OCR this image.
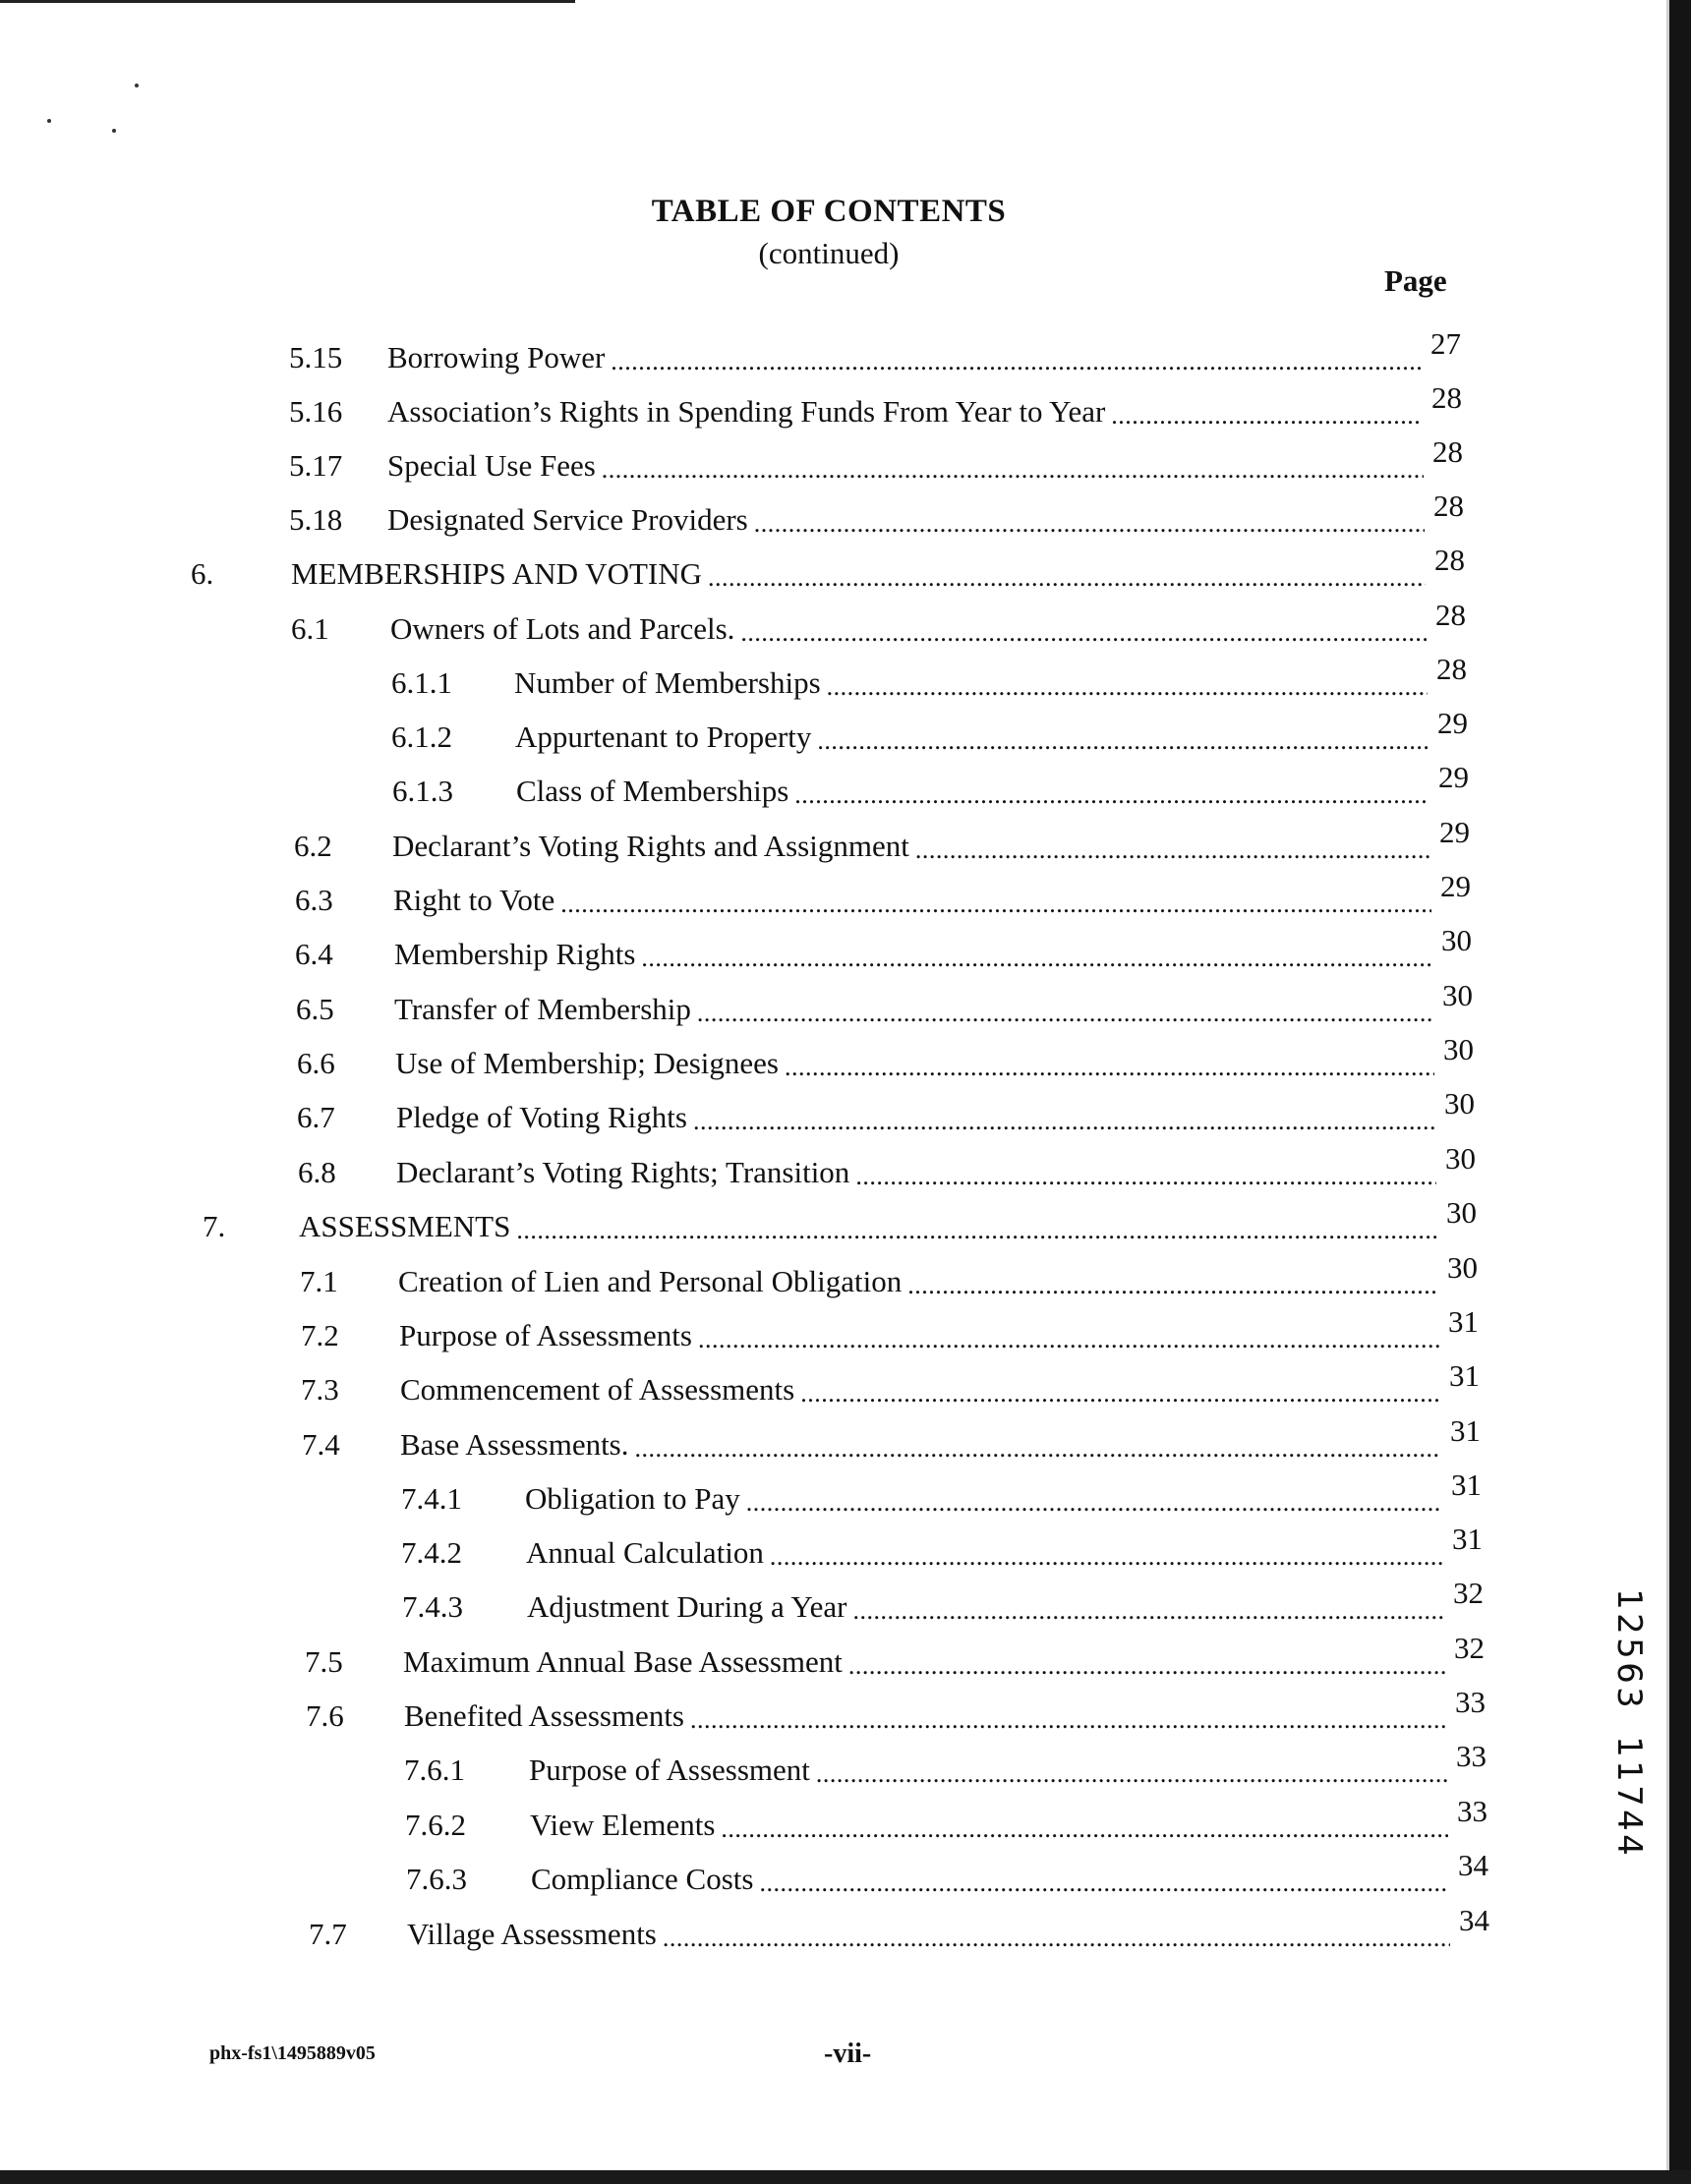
TABLE OF CONTENTS
(continued)
Page
5.15	Borrowing Power . . .	27
5.16	Association’s Rights in Spending Funds From Year to Year . . .	28
5.17	Special Use Fees . . .	28
5.18	Designated Service Providers . . .	28
6.	MEMBERSHIPS AND VOTING . . .	28
6.1	Owners of Lots and Parcels. . . .	28
6.1.1	Number of Memberships . . .	28
6.1.2	Appurtenant to Property . . .	29
6.1.3	Class of Memberships . . .	29
6.2	Declarant’s Voting Rights and Assignment . . .	29
6.3	Right to Vote . . .	29
6.4	Membership Rights . . .	30
6.5	Transfer of Membership . . .	30
6.6	Use of Membership; Designees . . .	30
6.7	Pledge of Voting Rights . . .	30
6.8	Declarant’s Voting Rights; Transition . . .	30
7.	ASSESSMENTS . . .	30
7.1	Creation of Lien and Personal Obligation . . .	30
7.2	Purpose of Assessments . . .	31
7.3	Commencement of Assessments . . .	31
7.4	Base Assessments. . . .	31
7.4.1	Obligation to Pay . . .	31
7.4.2	Annual Calculation . . .	31
7.4.3	Adjustment During a Year . . .	32
7.5	Maximum Annual Base Assessment . . .	32
7.6	Benefited Assessments . . .	33
7.6.1	Purpose of Assessment . . .	33
7.6.2	View Elements . . .	33
7.6.3	Compliance Costs . . .	34
7.7	Village Assessments . . .	34
phx-fs1\1495889v05	-vii-
1
2
5
6
3
1
1
7
4
4
